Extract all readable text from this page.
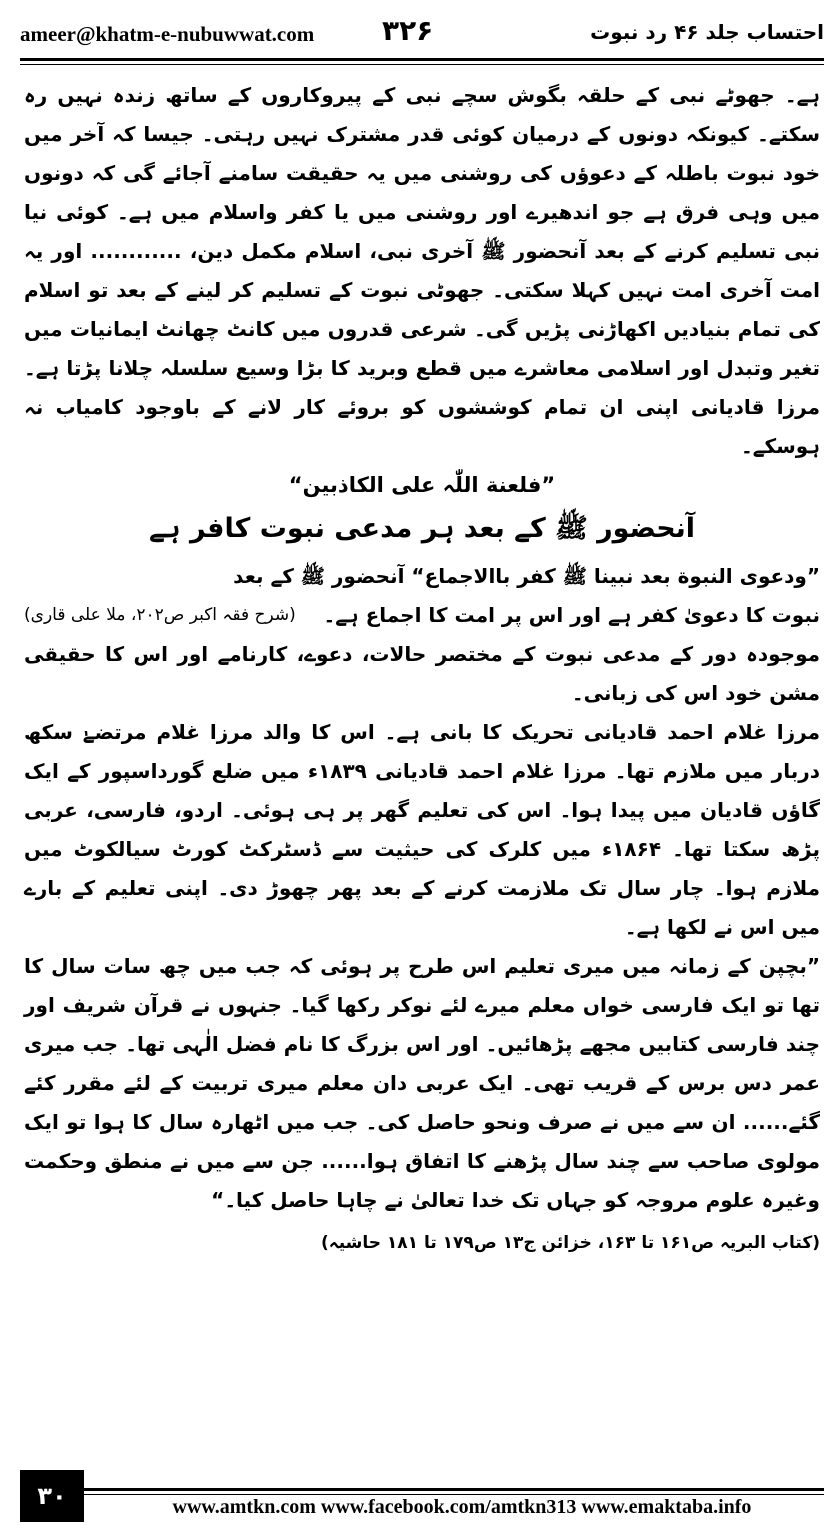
ameer@khatm-e-nubuwwat.com ۳۲۶	احتساب جلد ۴۶ رد نبوت

ہے۔ جھوٹے نبی کے حلقہ بگوش سچے نبی کے پیروکاروں کے ساتھ زندہ نہیں رہ سکتے۔ کیونکہ دونوں کے درمیان کوئی قدر مشترک نہیں رہتی۔ جیسا کہ آخر میں خود نبوت باطلہ کے دعوؤں کی روشنی میں یہ حقیقت سامنے آجائے گی کہ دونوں میں وہی فرق ہے جو اندھیرے اور روشنی میں یا کفر واسلام میں ہے۔ کوئی نیا نبی تسلیم کرنے کے بعد آنحضور ﷺ آخری نبی، اسلام مکمل دین، ............ اور یہ امت آخری امت نہیں کہلا سکتی۔ جھوٹی نبوت کے تسلیم کر لینے کے بعد تو اسلام کی تمام بنیادیں اکھاڑنی پڑیں گی۔ شرعی قدروں میں کانٹ چھانٹ ایمانیات میں تغیر وتبدل اور اسلامی معاشرے میں قطع وبرید کا بڑا وسیع سلسلہ چلانا پڑتا ہے۔ مرزا قادیانی اپنی ان تمام کوششوں کو بروئے کار لانے کے باوجود کامیاب نہ ہوسکے۔

”فلعنة اللّٰہ علی الکاذبین“

آنحضور ﷺ کے بعد ہر مدعی نبوت کافر ہے

”ودعوی النبوة بعد نبینا ﷺ کفر باالاجماع“ آنحضور ﷺ کے بعد

نبوت کا دعویٰ کفر ہے اور اس پر امت کا اجماع ہے۔
(شرح فقہ اکبر ص۲۰۲، ملا علی قاری)

موجودہ دور کے مدعی نبوت کے مختصر حالات، دعوے، کارنامے اور اس کا حقیقی مشن خود اس کی زبانی۔

مرزا غلام احمد قادیانی تحریک کا بانی ہے۔ اس کا والد مرزا غلام مرتضےٰ سکھ دربار میں ملازم تھا۔ مرزا غلام احمد قادیانی ۱۸۳۹ء میں ضلع گورداسپور کے ایک گاؤں قادیان میں پیدا ہوا۔ اس کی تعلیم گھر پر ہی ہوئی۔ اردو، فارسی، عربی پڑھ سکتا تھا۔ ۱۸۶۴ء میں کلرک کی حیثیت سے ڈسٹرکٹ کورٹ سیالکوٹ میں ملازم ہوا۔ چار سال تک ملازمت کرنے کے بعد پھر چھوڑ دی۔ اپنی تعلیم کے بارے میں اس نے لکھا ہے۔

”بچپن کے زمانہ میں میری تعلیم اس طرح پر ہوئی کہ جب میں چھ سات سال کا تھا تو ایک فارسی خواں معلم میرے لئے نوکر رکھا گیا۔ جنہوں نے قرآن شریف اور چند فارسی کتابیں مجھے پڑھائیں۔ اور اس بزرگ کا نام فضل الٰہی تھا۔ جب میری عمر دس برس کے قریب تھی۔ ایک عربی دان معلم میری تربیت کے لئے مقرر کئے گئے...... ان سے میں نے صرف ونحو حاصل کی۔ جب میں اٹھارہ سال کا ہوا تو ایک مولوی صاحب سے چند سال پڑھنے کا اتفاق ہوا...... جن سے میں نے منطق وحکمت وغیرہ علوم مروجہ کو جہاں تک خدا تعالیٰ نے چاہا حاصل کیا۔“

(کتاب البریہ ص۱۶۱ تا ۱۶۳، خزائن ج۱۳ ص۱۷۹ تا ۱۸۱ حاشیہ)

۳۰	www.amtkn.com www.facebook.com/amtkn313 www.emaktaba.info
